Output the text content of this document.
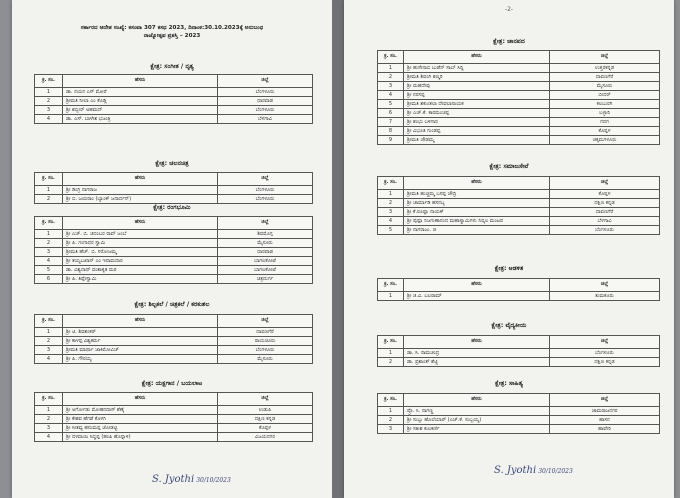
ಸರ್ಕಾರದ ಆದೇಶ ಸಂಖ್ಯೆ: ಕಸಂವಾ 307 ಕಸಧ 2023, ದಿನಾಂಕ:30.10.2023ಕ್ಕೆ ಅನುಬಂಧ
ರಾಜ್ಯೋತ್ಸವ ಪ್ರಶಸ್ತಿ – 2023
ಕ್ಷೇತ್ರ: ಸಂಗೀತ / ನೃತ್ಯ
ಕ್ರ. ಸಂ.	ಹೆಸರು	ಜಿಲ್ಲೆ
1	ಡಾ. ನಯನ ಎಸ್ ಮೋರೆ	ಬೆಂಗಳೂರು
2	ಶ್ರೀಮತಿ ನೀಲಾ ಎಂ ಕೊಡ್ಲಿ	ಧಾರವಾಡ
3	ಶ್ರೀ ಶಬ್ಬೀರ್ ಅಹಮದ್	ಬೆಂಗಳೂರು
4	ಡಾ. ಎಸ್. ಬಾಳೇಶ ಭಜಂತ್ರಿ	ಬೆಳಗಾವಿ
ಕ್ಷೇತ್ರ: ಚಲನಚಿತ್ರ
ಕ್ರ. ಸಂ.	ಹೆಸರು	ಜಿಲ್ಲೆ
1	ಶ್ರೀ ಡಿಂಗ್ರಿ ನಾಗರಾಜ	ಬೆಂಗಳೂರು
2	ಶ್ರೀ ಬಿ. ಜಯರಾಂ (ಬ್ಯಾಂಕ್ ಜನಾರ್ದನ್)	ಬೆಂಗಳೂರು
ಕ್ಷೇತ್ರ: ರಂಗಭೂಮಿ
ಕ್ರ. ಸಂ.	ಹೆಸರು	ಜಿಲ್ಲೆ
1	ಶ್ರೀ ಎಚ್. ಬಿ. ಚಿದಂಬರ ರಾವ್ ಜಂಬೆ	ಶಿವಮೊಗ್ಗ
2	ಶ್ರೀ ಪಿ. ಗಂಗಾಧರ ಸ್ವಾಮಿ	ಮೈಸೂರು
3	ಶ್ರೀಮತಿ ಹೆಚ್. ಬಿ. ಸರೋಜಮ್ಮ	ಧಾರವಾಡ
4	ಶ್ರೀ ತಯ್ಯಬಖಾನ್ ಎಂ ಇನಾಮದಾರ	ಬಾಗಲಕೋಟೆ
5	ಡಾ. ವಿಶ್ವನಾಥ್ ವಂಶಾಕೃತ ಮಠ	ಬಾಗಲಕೋಟೆ
6	ಶ್ರೀ ಪಿ. ತಿಪ್ಪೇಸ್ವಾಮಿ	ಚಿತ್ರದುರ್ಗ
ಕ್ಷೇತ್ರ: ಶಿಲ್ಪಕಲೆ / ಚಿತ್ರಕಲೆ / ಕರಕುಶಲ
ಕ್ರ. ಸಂ.	ಹೆಸರು	ಜಿಲ್ಲೆ
1	ಶ್ರೀ ಟಿ. ಶಿವಶಂಕರ್	ದಾವಣಗೆರೆ
2	ಶ್ರೀ ಕಾಳಪ್ಪ ವಿಶ್ವಕರ್ಮ	ರಾಯಚೂರು
3	ಶ್ರೀಮತಿ ಮಾರ್ಥಾ ಜಾಕಿಮೋವಿಚ್	ಬೆಂಗಳೂರು
4	ಶ್ರೀ ಪಿ. ಗೌರಯ್ಯ	ಮೈಸೂರು
ಕ್ಷೇತ್ರ: ಯಕ್ಷಗಾನ / ಬಯಲಾಟ
ಕ್ರ. ಸಂ.	ಹೆಸರು	ಜಿಲ್ಲೆ
1	ಶ್ರೀ ಅರ್ಗೋಡು ಮೋಹನದಾಸ್ ಶೆಣೈ	ಉಡುಪಿ
2	ಶ್ರೀ ಕೇಶವ ಹೆಗಡೆ ಕೊಳಗಿ	ದಕ್ಷಿಣ ಕನ್ನಡ
3	ಶ್ರೀ ಸೀತವ್ವ ಹನುಮಪ್ಪ ಜೋಡಟ್ಟಿ	ಕೊಪ್ಪಳ
4	ಶ್ರೀ ದಳವಾಯಿ ಸಿದ್ದಪ್ಪ (ಹಂಪಿ ಹೊನ್ನಾಳಿ)	ವಿಜಯನಗರ
S. Jyothi 30/10/2023
-2-
ಕ್ಷೇತ್ರ: ಜಾನಪದ
ಕ್ರ. ಸಂ.	ಹೆಸರು	ಜಿಲ್ಲೆ
1	ಶ್ರೀ ಹುಸೇನಾಬಿ ಬುಡೆನ್ ಸಾಬ್ ಸಿದ್ದಿ	ಉತ್ತರಕನ್ನಡ
2	ಶ್ರೀಮತಿ ಶಿವಂಗಿ ಶಣ್ಮರಿ	ದಾವಣಗೆರೆ
3	ಶ್ರೀ ಮಹದೇವು	ಮೈಸೂರು
4	ಶ್ರೀ ನರಸಪ್ಪ	ಬೀದರ್
5	ಶ್ರೀಮತಿ ಶಕುಂತಲಾ ದೇವಲಾನಾಯಕ	ಕಲಬುರಗಿ
6	ಶ್ರೀ ಎಚ್.ಕೆ. ಕಾರಮಂಚಪ್ಪ	ಬಳ್ಳಾರಿ
7	ಶ್ರೀ ಶಂಭು ಬಳಿಗಾರ	ಗದಗ
8	ಶ್ರೀ ವಿಭೂತಿ ಗುಂಡಪ್ಪ	ಕೊಪ್ಪಳ
9	ಶ್ರೀಮತಿ ಚೌಡಮ್ಮ	ಚಿಕ್ಕಮಗಳೂರು
ಕ್ಷೇತ್ರ: ಸಮಾಜಸೇವೆ
ಕ್ರ. ಸಂ.	ಹೆಸರು	ಜಿಲ್ಲೆ
1	ಶ್ರೀಮತಿ ಹುಚ್ಚಮ್ಮ ಬಸಪ್ಪ ಚೌದ್ರಿ	ಕೊಪ್ಪಳ
2	ಶ್ರೀ ಚಾರ್ಮಾಡಿ ಹಸನಬ್ಬ	ದಕ್ಷಿಣ ಕನ್ನಡ
3	ಶ್ರೀ ಕೆ.ರೂಪ್ಲಾ ನಾಯಕ್	ದಾವಣಗೆರೆ
4	ಶ್ರೀ ಪುಷ್ಪಾ ನಿಜಗುಣಾನಂದ ಮಹಾಸ್ವಾಮಿಗಳು ನಿಷ್ಕಲ ಮಂಟಪ	ಬೆಳಗಾವಿ
5	ಶ್ರೀ ನಾಗರಾಜು. ಜಿ	ಬೆಂಗಳೂರು
ಕ್ಷೇತ್ರ: ಆಡಳಿತ
ಕ್ರ. ಸಂ.	ಹೆಸರು	ಜಿಲ್ಲೆ
1	ಶ್ರೀ ಜಿ.ವಿ. ಬಲರಾಮ್	ತುಮಕೂರು
ಕ್ಷೇತ್ರ: ವೈದ್ಯಕೀಯ
ಕ್ರ. ಸಂ.	ಹೆಸರು	ಜಿಲ್ಲೆ
1	ಡಾ. ಸಿ. ರಾಮಚಂದ್ರ	ಬೆಂಗಳೂರು
2	ಡಾ. ಪ್ರಶಾಂತ್ ಶೆಟ್ಟಿ	ದಕ್ಷಿಣ ಕನ್ನಡ
ಕ್ಷೇತ್ರ: ಸಾಹಿತ್ಯ
ಕ್ರ. ಸಂ.	ಹೆಸರು	ಜಿಲ್ಲೆ
1	ಪ್ರೊ. ಸಿ. ನಾಗಣ್ಣ	ಚಾಮರಾಜನಗರ
2	ಶ್ರೀ ಸುಬ್ಬು ಹೊಲೆಯಾರ್ (ಎಚ್.ಕೆ. ಸುಬ್ಬಯ್ಯ)	ಹಾಸನ
3	ಶ್ರೀ ಸತೀಶ ಕುಲಕರ್ಣಿ	ಹಾವೇರಿ
S. Jyothi 30/10/2023
